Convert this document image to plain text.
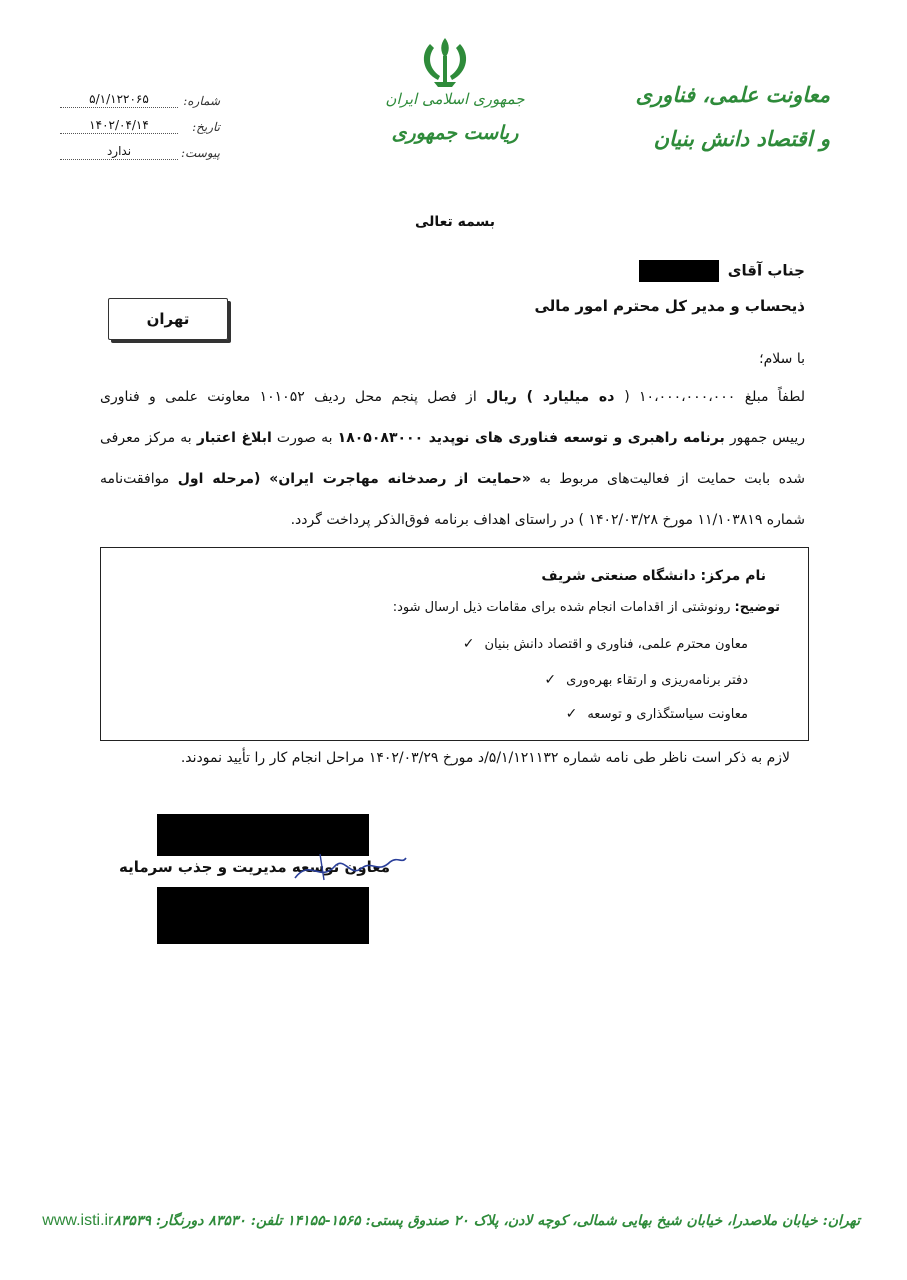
جمهوری اسلامی ایران
ریاست جمهوری
معاونت علمی، فناوری
و اقتصاد دانش بنیان
شماره:
۵/۱/۱۲۲۰۶۵
تاریخ:
۱۴۰۲/۰۴/۱۴
پیوست:
ندارد
بسمه تعالی
جناب آقای
ذیحساب و مدیر کل محترم امور مالی
تهران
با سلام؛
لطفاً مبلغ ۱۰،۰۰۰،۰۰۰،۰۰۰ ( ده میلیارد ) ریال از فصل پنجم محل ردیف ۱۰۱۰۵۲ معاونت علمی و فناوری
رییس جمهور برنامه راهبری و توسعه فناوری های نوپدید ۱۸۰۵۰۸۳۰۰۰ به صورت ابلاغ اعتبار به مرکز معرفی
شده بابت حمایت از فعالیت‌های مربوط به «حمایت از رصدخانه مهاجرت ایران» (مرحله اول موافقت‌نامه
شماره ۱۱/۱۰۳۸۱۹ مورخ ۱۴۰۲/۰۳/۲۸ ) در راستای اهداف برنامه فوق‌الذکر پرداخت گردد.
نام مرکز: دانشگاه صنعتی شریف
توضیح: رونوشتی از اقدامات انجام شده برای مقامات ذیل ارسال شود:
معاون محترم علمی، فناوری و اقتصاد دانش بنیان
✓
دفتر برنامه‌ریزی و ارتقاء بهره‌وری
✓
معاونت سیاستگذاری و توسعه
✓
لازم به ذکر است ناظر طی نامه شماره ۵/۱/۱۲۱۱۳۲/د مورخ ۱۴۰۲/۰۳/۲۹ مراحل انجام کار را تأیید نمودند.
معاون توسعه مدیریت و جذب سرمایه
تهران: خیابان ملاصدرا، خیابان شیخ بهایی شمالی، کوچه لادن، پلاک ۲۰ صندوق پستی: ۱۵۶۵-۱۴۱۵۵ تلفن: ۸۳۵۳۰ دورنگار: ۸۳۵۳۹
www.isti.ir
